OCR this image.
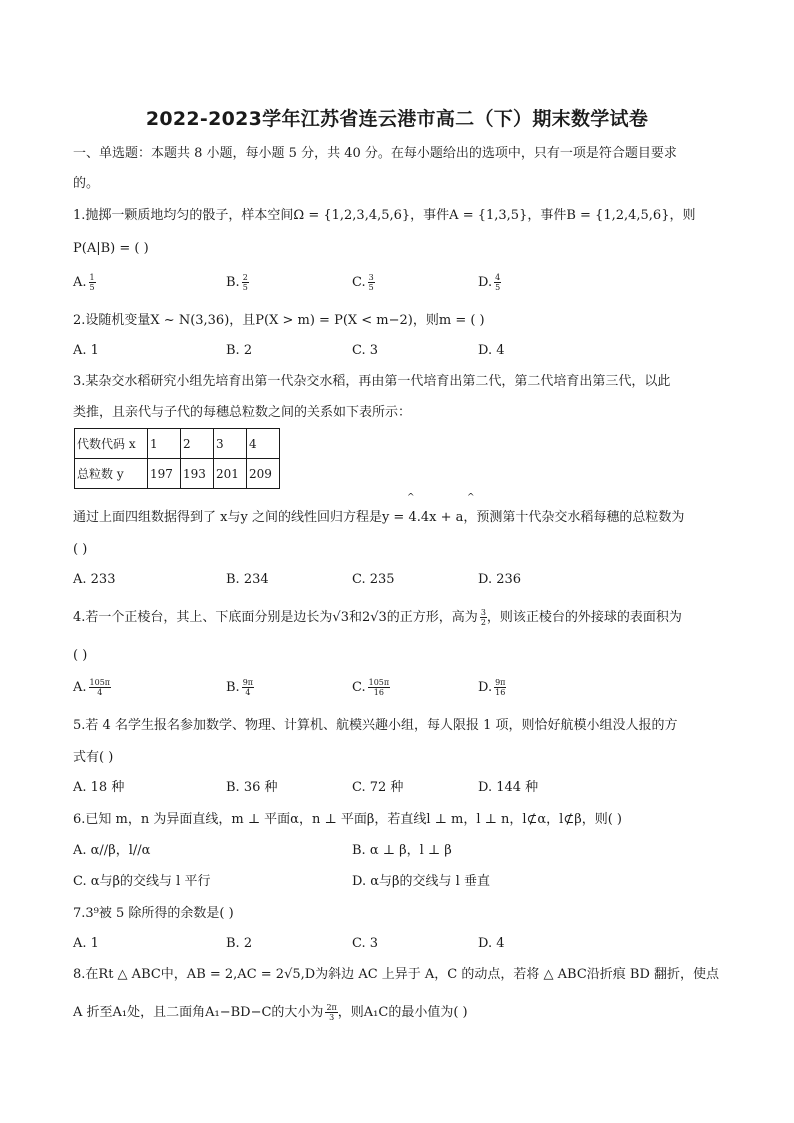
2022-2023学年江苏省连云港市高二（下）期末数学试卷
一、单选题：本题共 8 小题，每小题 5 分，共 40 分。在每小题给出的选项中，只有一项是符合题目要求
的。
1.抛掷一颗质地均匀的骰子，样本空间Ω = {1,2,3,4,5,6}，事件A = {1,3,5}，事件B = {1,2,4,5,6}，则
P(A|B) = ( )
A. $\frac{1}{5}$	B. $\frac{2}{5}$	C. $\frac{3}{5}$	D. $\frac{4}{5}$
2.设随机变量X ~ N(3,36)，且P(X > m) = P(X < m−2)，则m = ( )
A. 1	B. 2	C. 3	D. 4
3.某杂交水稻研究小组先培育出第一代杂交水稻，再由第一代培育出第二代，第二代培育出第三代，以此
类推，且亲代与子代的每穗总粒数之间的关系如下表所示：
代数代码 x	1	2	3	4
总粒数 y	197	193	201	209
^	^
通过上面四组数据得到了 x与y 之间的线性回归方程是y = 4.4x + a，预测第十代杂交水稻每穗的总粒数为
( )
A. 233	B. 234	C. 235	D. 236
4.若一个正棱台，其上、下底面分别是边长为√3和2√3的正方形，高为 $\frac{3}{2}$ ，则该正棱台的外接球的表面积为
( )
A. $\frac{105\pi}{4}$	B. $\frac{9\pi}{4}$	C. $\frac{105\pi}{16}$	D. $\frac{9\pi}{16}$
5.若 4 名学生报名参加数学、物理、计算机、航模兴趣小组，每人限报 1 项，则恰好航模小组没人报的方
式有( )
A. 18 种	B. 36 种	C. 72 种	D. 144 种
6.已知 m，n 为异面直线，m ⊥ 平面α，n ⊥ 平面β，若直线l ⊥ m，l ⊥ n，l⊄α，l⊄β，则( )
A. α//β，l//α	B. α ⊥ β，l ⊥ β
C. α与β的交线与 l 平行	D. α与β的交线与 l 垂直
7.3⁹被 5 除所得的余数是( )
A. 1	B. 2	C. 3	D. 4
8.在Rt △ ABC中，AB = 2,AC = 2√5,D为斜边 AC 上异于 A，C 的动点，若将 △ ABC沿折痕 BD 翻折，使点
A 折至A₁处，且二面角A₁−BD−C的大小为 $\frac{2\pi}{3}$ ，则A₁C的最小值为( )
